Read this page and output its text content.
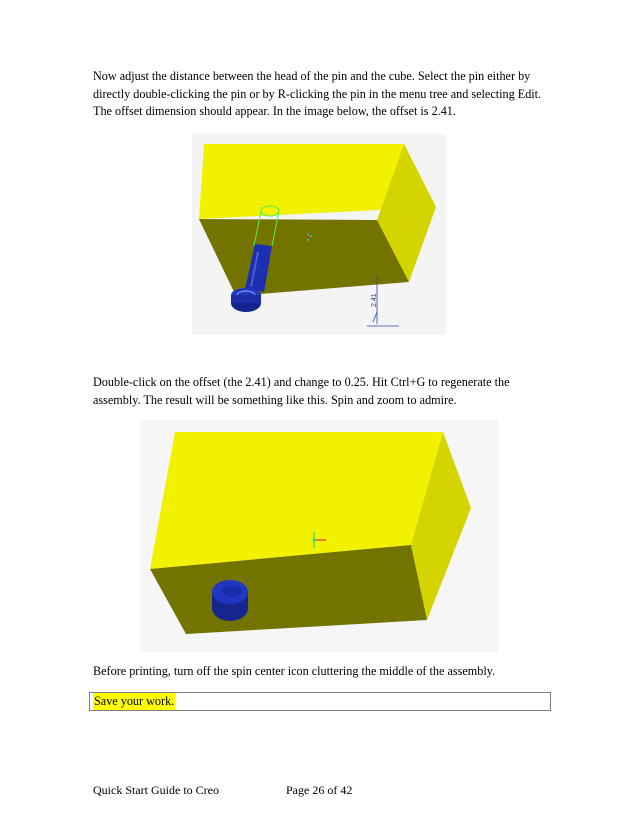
Now adjust the distance between the head of the pin and the cube. Select the pin either by directly double-clicking the pin or by R-clicking the pin in the menu tree and selecting Edit. The offset dimension should appear. In the image below, the offset is 2.41.

2.41

Double-click on the offset (the 2.41) and change to 0.25. Hit Ctrl+G to regenerate the assembly. The result will be something like this. Spin and zoom to admire.

Before printing, turn off the spin center icon cluttering the middle of the assembly.

Save your work.
Quick Start Guide to Creo	Page 26 of 42
